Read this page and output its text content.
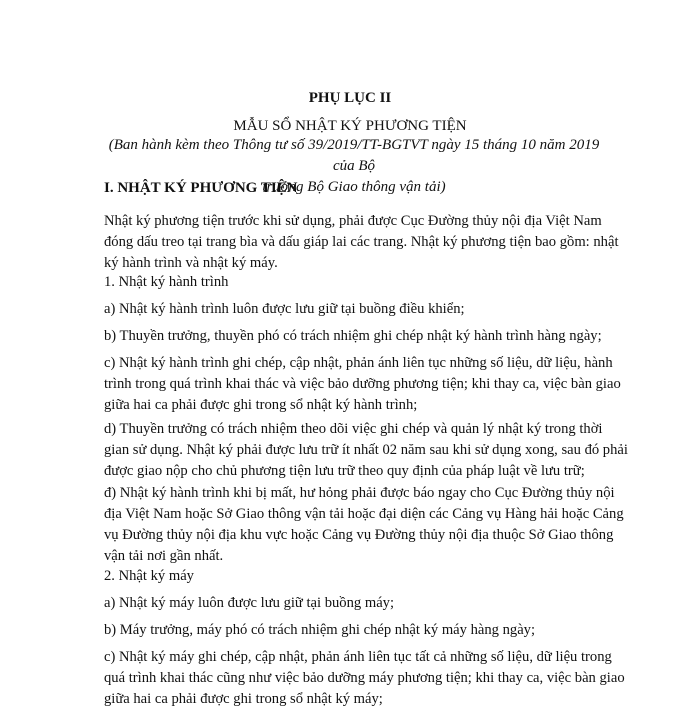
PHỤ LỤC II
MẪU SỔ NHẬT KÝ PHƯƠNG TIỆN
(Ban hành kèm theo Thông tư số 39/2019/TT-BGTVT ngày 15 tháng 10 năm 2019 của Bộ
trưởng Bộ Giao thông vận tải)
I. NHẬT KÝ PHƯƠNG TIỆN
Nhật ký phương tiện trước khi sử dụng, phải được Cục Đường thủy nội địa Việt Nam
đóng dấu treo tại trang bìa và dấu giáp lai các trang. Nhật ký phương tiện bao gồm: nhật
ký hành trình và nhật ký máy.
1. Nhật ký hành trình
a) Nhật ký hành trình luôn được lưu giữ tại buồng điều khiển;
b) Thuyền trưởng, thuyền phó có trách nhiệm ghi chép nhật ký hành trình hàng ngày;
c) Nhật ký hành trình ghi chép, cập nhật, phản ánh liên tục những số liệu, dữ liệu, hành
trình trong quá trình khai thác và việc bảo dưỡng phương tiện; khi thay ca, việc bàn giao
giữa hai ca phải được ghi trong sổ nhật ký hành trình;
d) Thuyền trưởng có trách nhiệm theo dõi việc ghi chép và quản lý nhật ký trong thời
gian sử dụng. Nhật ký phải được lưu trữ ít nhất 02 năm sau khi sử dụng xong, sau đó phải
được giao nộp cho chủ phương tiện lưu trữ theo quy định của pháp luật về lưu trữ;
đ) Nhật ký hành trình khi bị mất, hư hỏng phải được báo ngay cho Cục Đường thủy nội
địa Việt Nam hoặc Sở Giao thông vận tải hoặc đại diện các Cảng vụ Hàng hải hoặc Cảng
vụ Đường thủy nội địa khu vực hoặc Cảng vụ Đường thủy nội địa thuộc Sở Giao thông
vận tải nơi gần nhất.
2. Nhật ký máy
a) Nhật ký máy luôn được lưu giữ tại buồng máy;
b) Máy trưởng, máy phó có trách nhiệm ghi chép nhật ký máy hàng ngày;
c) Nhật ký máy ghi chép, cập nhật, phản ánh liên tục tất cả những số liệu, dữ liệu trong
quá trình khai thác cũng như việc bảo dưỡng máy phương tiện; khi thay ca, việc bàn giao
giữa hai ca phải được ghi trong sổ nhật ký máy;
